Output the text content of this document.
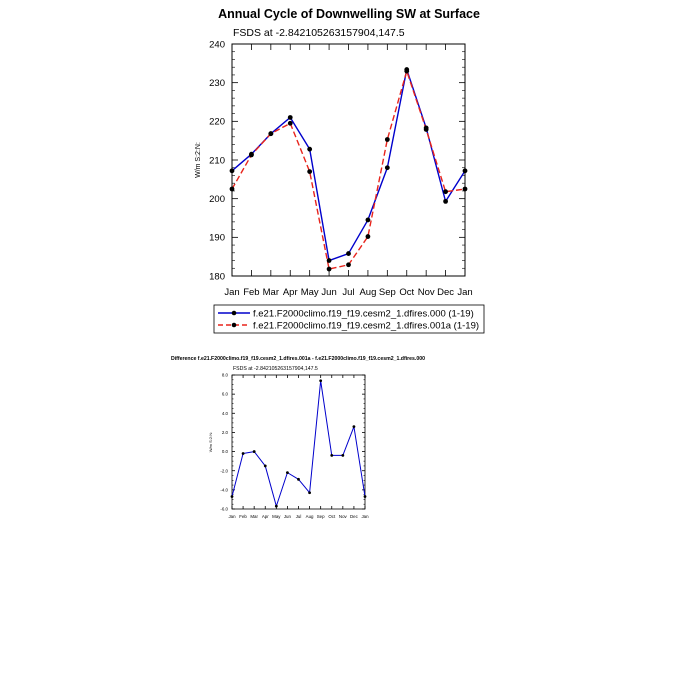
Annual Cycle of Downwelling SW at Surface
FSDS at -2.842105263157904,147.5
W/m S:2:N:
180
190
200
210
220
230
240
Jan Feb Mar Apr May Jun Jul Aug Sep Oct Nov Dec Jan
f.e21.F2000climo.f19_f19.cesm2_1.dfires.000 (1-19)
f.e21.F2000climo.f19_f19.cesm2_1.dfires.001a (1-19)
Difference f.e21.F2000climo.f19_f19.cesm2_1.dfires.001a - f.e21.F2000climo.f19_f19.cesm2_1.dfires.000
FSDS at -2.842105263157904,147.5
W/m S:2:N:
-6.0
-4.0
-2.0
0.0
2.0
4.0
6.0
8.0
Jan Feb Mar Apr May Jun Jul Aug Sep Oct Nov Dec Jan
